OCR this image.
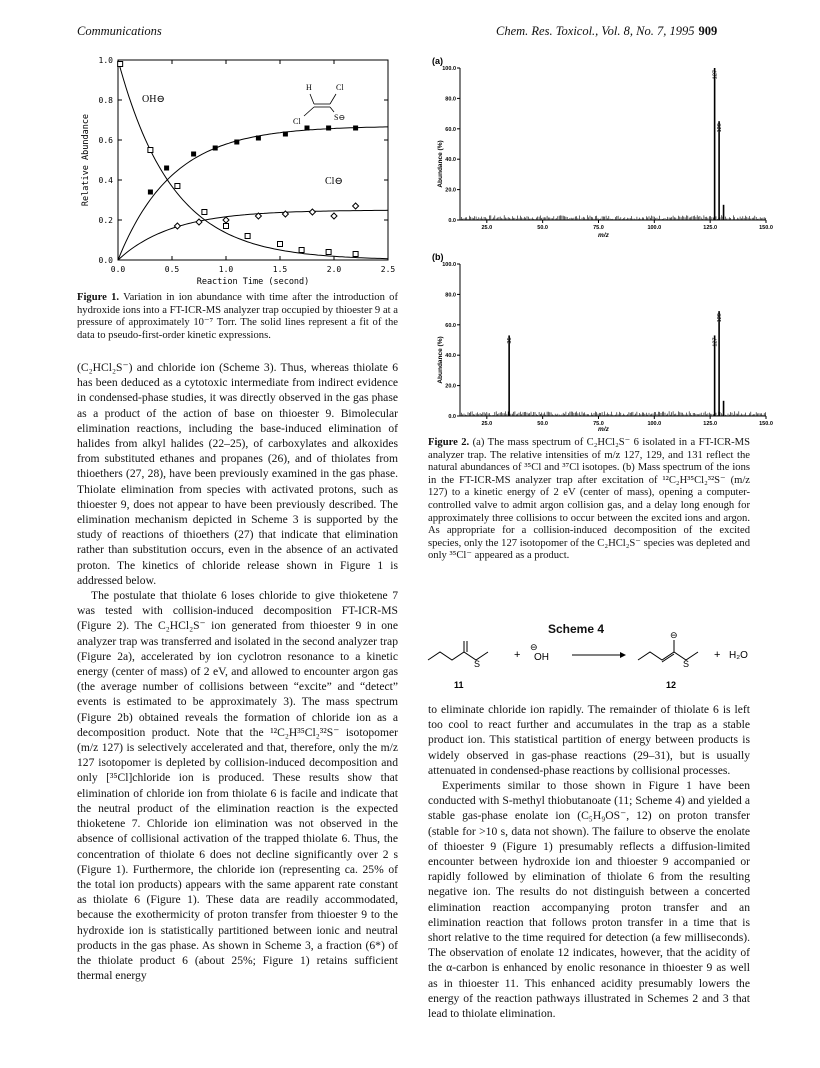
Communications	Chem. Res. Toxicol., Vol. 8, No. 7, 1995 909
0.0
0.2
0.4
0.6
0.8
1.0
0.0	0.5	1.0	1.5	2.0	2.5
Reaction Time (second)
Relative Abundance
OH⊖
Cl⊖
H	Cl
Cl	S⊖
Figure 1. Variation in ion abundance with time after the introduction of hydroxide ions into a FT-ICR-MS analyzer trap occupied by thioester 9 at a pressure of approximately 10⁻⁷ Torr. The solid lines represent a fit of the data to pseudo-first-order kinetic expressions.

(C₂HCl₂S⁻) and chloride ion (Scheme 3). Thus, whereas thiolate 6 has been deduced as a cytotoxic intermediate from indirect evidence in condensed-phase studies, it was directly observed in the gas phase as a product of the action of base on thioester 9. Bimolecular elimination reactions, including the base-induced elimination of halides from alkyl halides (22–25), of carboxylates and alkoxides from substituted ethanes and propanes (26), and of thiolates from thioethers (27, 28), have been previously examined in the gas phase. Thiolate elimination from species with activated protons, such as thioester 9, does not appear to have been previously described. The elimination mechanism depicted in Scheme 3 is supported by the study of reactions of thioethers (27) that indicate that elimination rather than substitution occurs, even in the absence of an activated proton. The kinetics of chloride release shown in Figure 1 is addressed below.

The postulate that thiolate 6 loses chloride to give thioketene 7 was tested with collision-induced decomposition FT-ICR-MS (Figure 2). The C₂HCl₂S⁻ ion generated from thioester 9 in one analyzer trap was transferred and isolated in the second analyzer trap (Figure 2a), accelerated by ion cyclotron resonance to a kinetic energy (center of mass) of 2 eV, and allowed to encounter argon gas (the average number of collisions between “excite” and “detect” events is estimated to be approximately 3). The mass spectrum (Figure 2b) obtained reveals the formation of chloride ion as a decomposition product. Note that the ¹²C₂H³⁵Cl₂³²S⁻ isotopomer (m/z 127) is selectively accelerated and that, therefore, only the m/z 127 isotopomer is depleted by collision-induced decomposition and only [³⁵Cl]chloride ion is produced. These results show that elimination of chloride ion from thiolate 6 is facile and indicate that the neutral product of the elimination reaction is the expected thioketene 7. Chloride ion elimination was not observed in the absence of collisional activation of the trapped thiolate 6. Thus, the concentration of thiolate 6 does not decline significantly over 2 s (Figure 1). Furthermore, the chloride ion (representing ca. 25% of the total ion products) appears with the same apparent rate constant as thiolate 6 (Figure 1). These data are readily accommodated, because the exothermicity of proton transfer from thioester 9 to the hydroxide ion is statistically partitioned between ionic and neutral products in the gas phase. As shown in Scheme 3, a fraction (6*) of the thiolate product 6 (about 25%; Figure 1) retains sufficient thermal energy

(a)
Abundance (%)
0.0
20.0
40.0
60.0
80.0
100.0
25.0	50.0	75.0	100.0	125.0	150.0
127
129
m/z
(b)
Abundance (%)
0.0
20.0
40.0
60.0
80.0
100.0
25.0	50.0	75.0	100.0	125.0	150.0
35	127
129
m/z
Figure 2. (a) The mass spectrum of C₂HCl₂S⁻ 6 isolated in a FT-ICR-MS analyzer trap. The relative intensities of m/z 127, 129, and 131 reflect the natural abundances of ³⁵Cl and ³⁷Cl isotopes. (b) Mass spectrum of the ions in the FT-ICR-MS analyzer trap after excitation of ¹²C₂H³⁵Cl₂³²S⁻ (m/z 127) to a kinetic energy of 2 eV (center of mass), opening a computer-controlled valve to admit argon collision gas, and a delay long enough for approximately three collisions to occur between the excited ions and argon. As appropriate for a collision-induced decomposition of the excited species, only the 127 isotopomer of the C₂HCl₂S⁻ species was depleted and only ³⁵Cl⁻ appeared as a product.
Scheme 4
S
11
+
⊖
OH
⊖
S
12
+ H₂O

to eliminate chloride ion rapidly. The remainder of thiolate 6 is left too cool to react further and accumulates in the trap as a stable product ion. This statistical partition of energy between products is widely observed in gas-phase reactions (29–31), but is usually attenuated in condensed-phase reactions by collisional processes.

Experiments similar to those shown in Figure 1 have been conducted with S-methyl thiobutanoate (11; Scheme 4) and yielded a stable gas-phase enolate ion (C₅H₉OS⁻, 12) on proton transfer (stable for >10 s, data not shown). The failure to observe the enolate of thioester 9 (Figure 1) presumably reflects a diffusion-limited encounter between hydroxide ion and thioester 9 accompanied or rapidly followed by elimination of thiolate 6 from the resulting negative ion. The results do not distinguish between a concerted elimination reaction accompanying proton transfer and an elimination reaction that follows proton transfer in a time that is short relative to the time required for detection (a few milliseconds). The observation of enolate 12 indicates, however, that the acidity of the α-carbon is enhanced by enolic resonance in thioester 9 as well as in thioester 11. This enhanced acidity presumably lowers the energy of the reaction pathways illustrated in Schemes 2 and 3 that lead to thiolate elimination.
